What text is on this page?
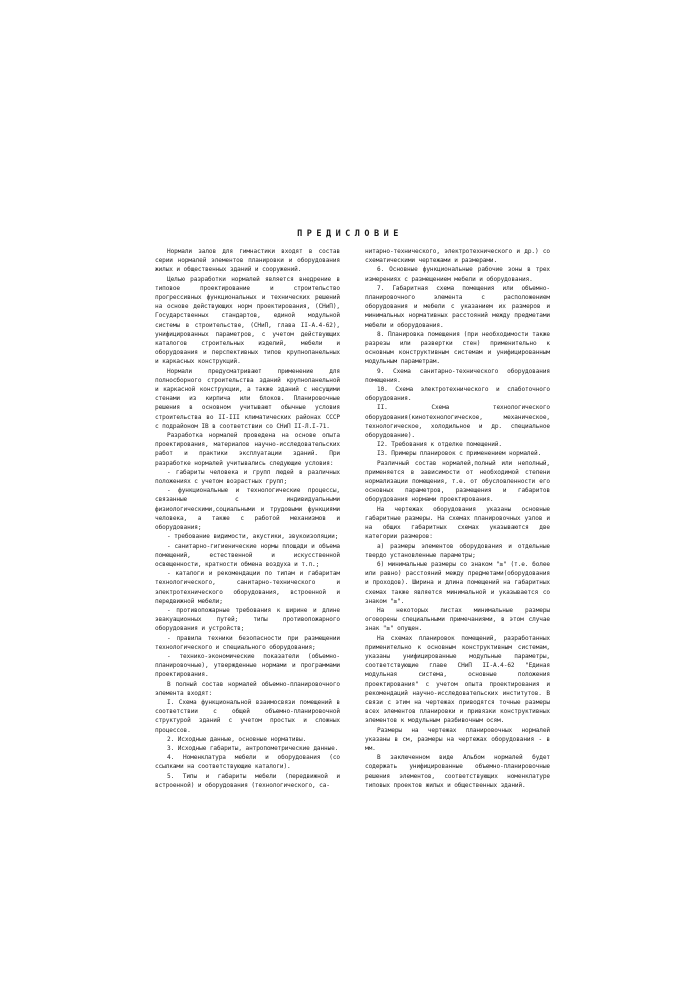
ПРЕДИСЛОВИЕ

Нормали залов для гимнастики входят в состав серии нормалей элементов планировки и оборудования жилых и общественных зданий и сооружений.

Целью разработки нормалей является внедрение в типовое проектирование и строительство прогрессивных функциональных и технических решений на основе действующих норм проектирования, (СНиП), Государственных стандартов, единой модульной системы в строительстве, (СНиП, глава II-А.4-62), унифицированных параметров, с учетом действующих каталогов строительных изделий, мебели и оборудования и перспективных типов крупнопанельных и каркасных конструкций.

Нормали предусматривают применение для полносборного строительства зданий крупнопанельной и каркасной конструкции, а также зданий с несущими стенами из кирпича или блоков. Планировочные решения в основном учитывают обычные условия строительства во II-III климатических районах СССР с подрайоном IB в соответствии со СНиП II-Л.I-71.

Разработка нормалей проведена на основе опыта проектирования, материалов научно-исследовательских работ и практики эксплуатации зданий. При разработке нормалей учитывались следующие условия:

- габариты человека и групп людей в различных положениях с учетом возрастных групп;

- функциональные и технологические процессы, связанные с индивидуальными физиологическими,социальными и трудовыми функциями человека, а также с работой механизмов и оборудования;

- требование видимости, акустики, звукоизоляции;

- санитарно-гигиенические нормы площади и объема помещений, естественной и искусственной освещенности, кратности обмена воздуха и т.п.;

- каталоги и рекомендации по типам и габаритам технологического, санитарно-технического и электротехнического оборудования, встроенной и передвижной мебели;

- противопожарные требования к ширине и длине эвакуационных путей; типы противопожарного оборудования и устройств;

- правила техники безопасности при размещении технологического и специального оборудования;

- технико-экономические показатели (объемно-планировочные), утвержденные нормами и программами проектирования.

В полный состав нормалей объемно-планировочного элемента входят:

I. Схема функциональной взаимосвязи помещений в соответствии с общей объемно-планировочной структурой зданий с учетом простых и сложных процессов.

2. Исходные данные, основные нормативы.

3. Исходные габариты, антропометрические данные.

4. Номенклатура мебели и оборудования (со ссылками на соответствующие каталоги).

5. Типы и габариты мебели (передвижной и встроенной) и оборудования (технологического, са-

нитарно-технического, электротехнического и др.) со схематическими чертежами и размерами.

6. Основные функциональные рабочие зоны в трех измерениях с размещением мебели и оборудования.

7. Габаритная схема помещения или объемно-планировочного элемента с расположением оборудования и мебели с указанием их размеров и минимальных нормативных расстояний между предметами мебели и оборудования.

8. Планировка помещения (при необходимости также разрезы или развертки стен) применительно к основным конструктивным системам и унифицированным модульным параметрам.

9. Схема санитарно-технического оборудования помещения.

10. Схема электротехнического и слаботочного оборудования.

II. Схема технологического оборудования(кинотехнологическое, механическое, технологическое, холодильное и др. специальное оборудование).

I2. Требования к отделке помещений.

I3. Примеры планировок с применением нормалей.

Различный состав нормалей,полный или неполный, применяется в зависимости от необходимой степени нормализации помещения, т.е. от обусловленности его основных параметров, размещения и габаритов оборудования нормами проектирования.

На чертежах оборудования указаны основные габаритные размеры. На схемах планировочных узлов и на общих габаритных схемах указываются две категории размеров:

а) размеры элементов оборудования и отдельные твердо установленные параметры;

б) минимальные размеры со знаком "≥" (т.е. более или равно) расстояний между предметами(оборудования и проходов). Ширина и длина помещений на габаритных схемах также является минимальной и указывается со знаком "≥".

На некоторых листах минимальные размеры оговорены специальными примечаниями, в этом случае знак "≥" опущен.

На схемах планировок помещений, разработанных применительно к основным конструктивным системам, указаны унифицированные модульные параметры, соответствующие главе СНиП II-А.4-62 "Единая модульная система, основные положения проектирования" с учетом опыта проектирования и рекомендаций научно-исследовательских институтов. В связи с этим на чертежах приводятся точные размеры всех элементов планировки и привязки конструктивных элементов к модульным разбивочным осям.

Размеры на чертежах планировочных нормалей указаны в см, размеры на чертежах оборудования - в мм.

В заключенном виде Альбом нормалей будет содержать унифицированные объемно-планировочные решения элементов, соответствующих номенклатуре типовых проектов жилых и общественных зданий.
